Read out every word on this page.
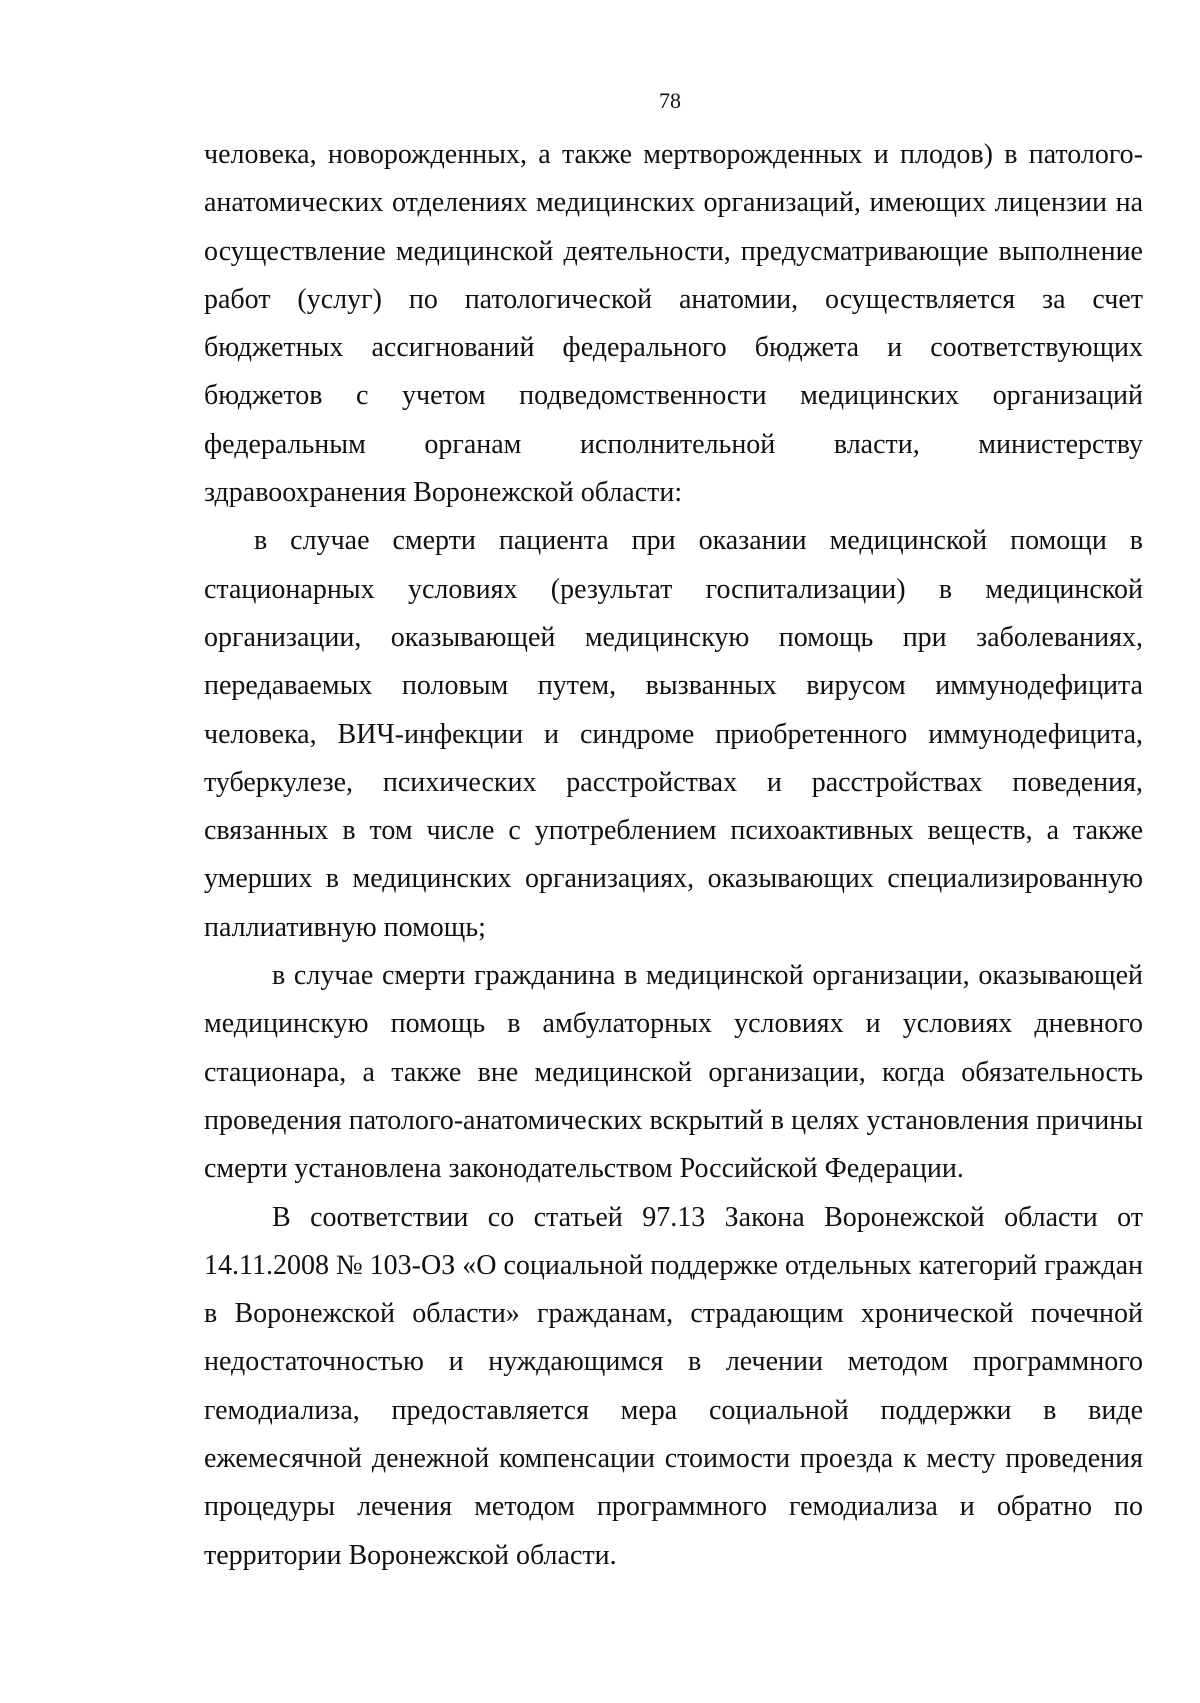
78

человека, новорожденных, а также мертворожденных и плодов) в патолого-анатомических отделениях медицинских организаций, имеющих лицензии на осуществление медицинской деятельности, предусматривающие выполнение работ (услуг) по патологической анатомии, осуществляется за счет бюджетных ассигнований федерального бюджета и соответствующих бюджетов с учетом подведомственности медицинских организаций федеральным органам исполнительной власти, министерству здравоохранения Воронежской области:

в случае смерти пациента при оказании медицинской помощи в стационарных условиях (результат госпитализации) в медицинской организации, оказывающей медицинскую помощь при заболеваниях, передаваемых половым путем, вызванных вирусом иммунодефицита человека, ВИЧ-инфекции и синдроме приобретенного иммунодефицита, туберкулезе, психических расстройствах и расстройствах поведения, связанных в том числе с употреблением психоактивных веществ, а также умерших в медицинских организациях, оказывающих специализированную паллиативную помощь;

в случае смерти гражданина в медицинской организации, оказывающей медицинскую помощь в амбулаторных условиях и условиях дневного стационара, а также вне медицинской организации, когда обязательность проведения патолого-анатомических вскрытий в целях установления причины смерти установлена законодательством Российской Федерации.

В соответствии со статьей 97.13 Закона Воронежской области от 14.11.2008 № 103-ОЗ «О социальной поддержке отдельных категорий граждан в Воронежской области» гражданам, страдающим хронической почечной недостаточностью и нуждающимся в лечении методом программного гемодиализа, предоставляется мера социальной поддержки в виде ежемесячной денежной компенсации стоимости проезда к месту проведения процедуры лечения методом программного гемодиализа и обратно по территории Воронежской области.
